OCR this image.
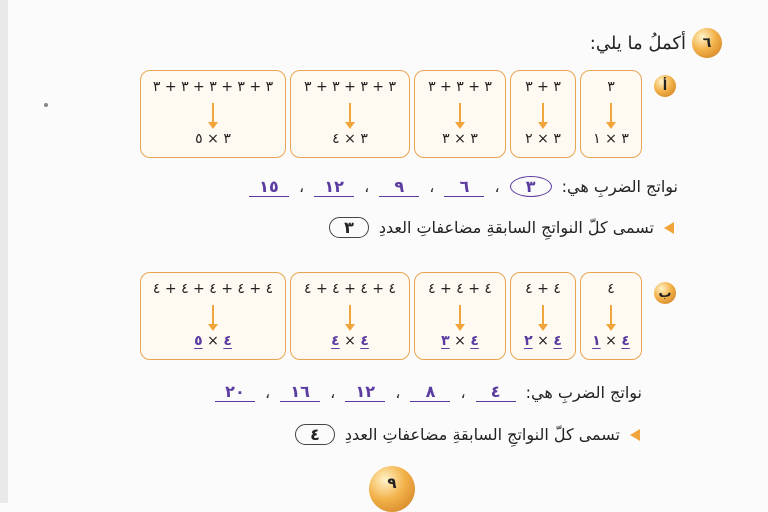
٦
أكملُ ما يلي:
أ
٣
٣ × ١
٣ + ٣
٣ × ٢
٣ + ٣ + ٣
٣ × ٣
٣ + ٣ + ٣ + ٣
٣ × ٤
٣ + ٣ + ٣ + ٣ + ٣
٣ × ٥
نواتج الضربِ هي:
٣
،
٦
،
٩
،
١٢
،
١٥
تسمى كلّ النواتجِ السابقةِ مضاعفاتِ العددِ
٣
ب
٤
٤ × ١
٤ + ٤
٤ × ٢
٤ + ٤ + ٤
٤ × ٣
٤ + ٤ + ٤ + ٤
٤ × ٤
٤ + ٤ + ٤ + ٤ + ٤
٤ × ٥
نواتج الضربِ هي:
٤
،
٨
،
١٢
،
١٦
،
٢٠
تسمى كلّ النواتجِ السابقةِ مضاعفاتِ العددِ
٤
٩
